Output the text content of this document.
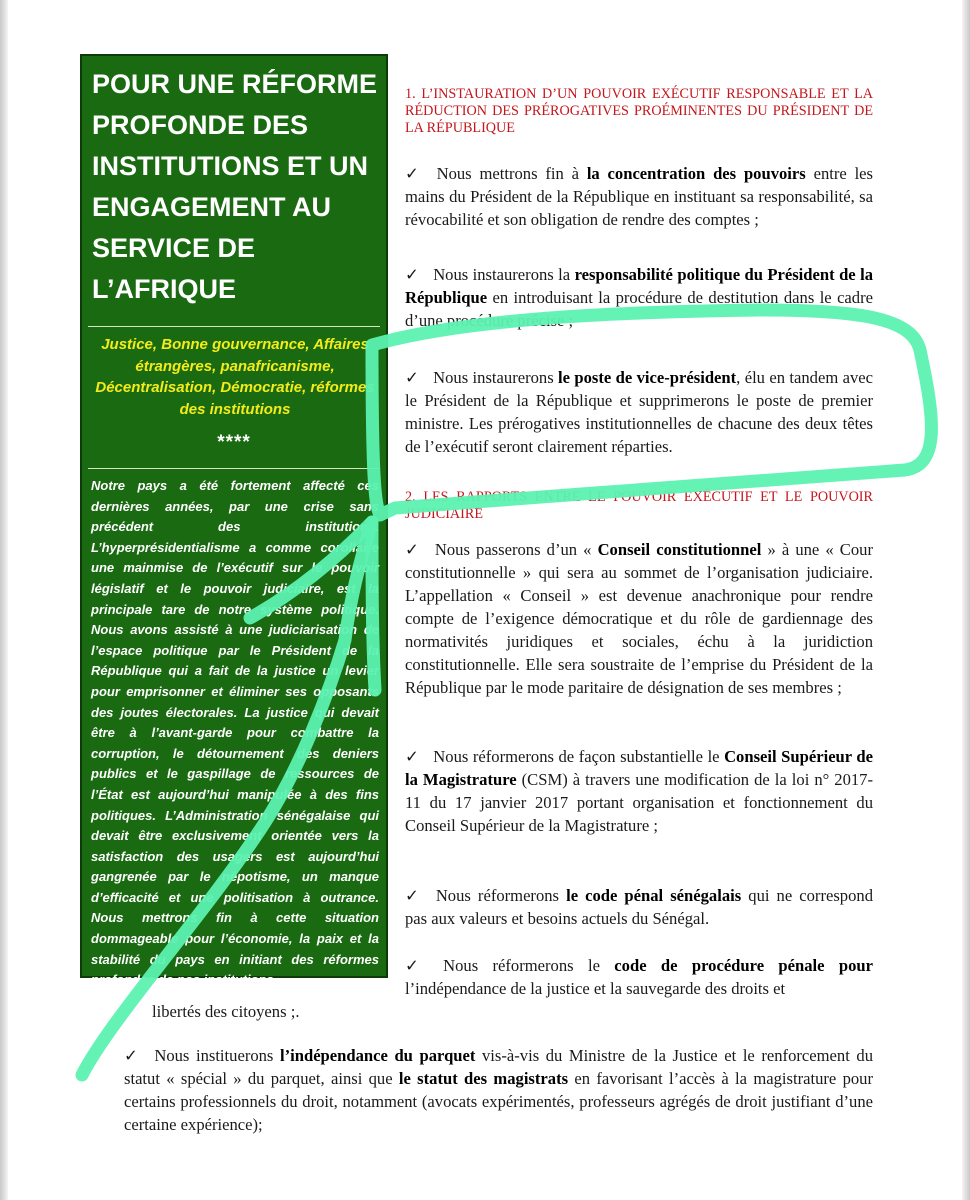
POUR UNE RÉFORME PROFONDE DES INSTITUTIONS ET UN ENGAGEMENT AU SERVICE DE L’AFRIQUE

Justice, Bonne gouvernance, Affaires étrangères, panafricanisme, Décentralisation, Démocratie, réformes des institutions

****

Notre pays a été fortement affecté ces dernières années, par une crise sans précédent des institutions. L’hyperprésidentialisme a comme corollaire une mainmise de l’exécutif sur le pouvoir législatif et le pouvoir judiciaire, est la principale tare de notre système politique. Nous avons assisté à une judiciarisation de l’espace politique par le Président de la République qui a fait de la justice un levier pour emprisonner et éliminer ses opposants des joutes électorales. La justice qui devait être à l’avant-garde pour combattre la corruption, le détournement des deniers publics et le gaspillage de ressources de l’État est aujourd’hui manipulée à des fins politiques. L’Administration sénégalaise qui devait être exclusivement orientée vers la satisfaction des usagers est aujourd’hui gangrenée par le népotisme, un manque d’efficacité et une politisation à outrance. Nous mettrons fin à cette situation dommageable pour l’économie, la paix et la stabilité du pays en initiant des réformes profondes de nos institutions.

1. L’INSTAURATION D’UN POUVOIR EXÉCUTIF RESPONSABLE ET LA RÉDUCTION DES PRÉROGATIVES PROÉMINENTES DU PRÉSIDENT DE LA RÉPUBLIQUE

✓ Nous mettrons fin à la concentration des pouvoirs entre les mains du Président de la République en instituant sa responsabilité, sa révocabilité et son obligation de rendre des comptes ;

✓ Nous instaurerons la responsabilité politique du Président de la République en introduisant la procédure de destitution dans le cadre d’une procédure précise ;

✓ Nous instaurerons le poste de vice-président, élu en tandem avec le Président de la République et supprimerons le poste de premier ministre. Les prérogatives institutionnelles de chacune des deux têtes de l’exécutif seront clairement réparties.

2. LES RAPPORTS ENTRE LE POUVOIR EXÉCUTIF ET LE POUVOIR JUDICIAIRE

✓ Nous passerons d’un « Conseil constitutionnel » à une « Cour constitutionnelle » qui sera au sommet de l’organisation judiciaire. L’appellation « Conseil » est devenue anachronique pour rendre compte de l’exigence démocratique et du rôle de gardiennage des normativités juridiques et sociales, échu à la juridiction constitutionnelle. Elle sera soustraite de l’emprise du Président de la République par le mode paritaire de désignation de ses membres ;

✓ Nous réformerons de façon substantielle le Conseil Supérieur de la Magistrature (CSM) à travers une modification de la loi n° 2017-11 du 17 janvier 2017 portant organisation et fonctionnement du Conseil Supérieur de la Magistrature ;

✓ Nous réformerons le code pénal sénégalais qui ne correspond pas aux valeurs et besoins actuels du Sénégal.

✓ Nous réformerons le code de procédure pénale pour l’indépendance de la justice et la sauvegarde des droits et

libertés des citoyens ;.

✓ Nous instituerons l’indépendance du parquet vis-à-vis du Ministre de la Justice et le renforcement du statut « spécial » du parquet, ainsi que le statut des magistrats en favorisant l’accès à la magistrature pour certains professionnels du droit, notamment (avocats expérimentés, professeurs agrégés de droit justifiant d’une certaine expérience);
